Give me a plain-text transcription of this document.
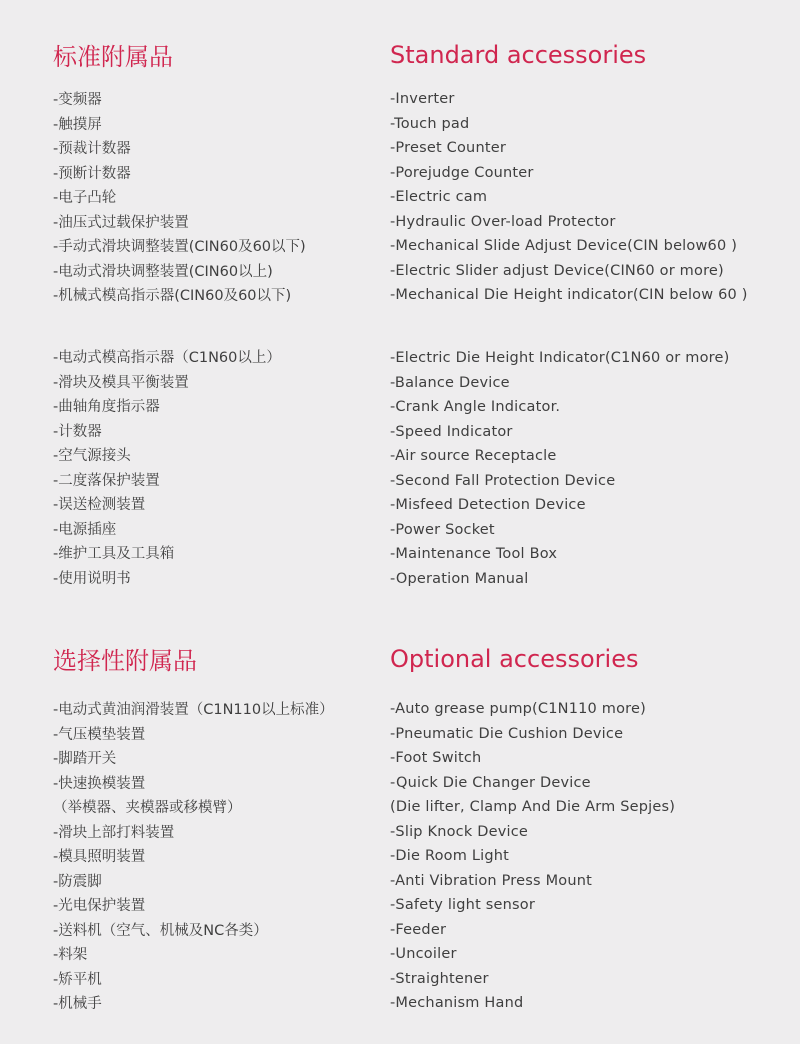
标准附属品	Standard accessories
-变频器
-触摸屏
-预裁计数器
-预断计数器
-电子凸轮
-油压式过载保护装置
-手动式滑块调整装置(CIN60及60以下)
-电动式滑块调整装置(CIN60以上)
-机械式模高指示器(CIN60及60以下)
-Inverter
-Touch pad
-Preset Counter
-Porejudge Counter
-Electric cam
-Hydraulic Over-load Protector
-Mechanical Slide Adjust Device(CIN below60 )
-Electric Slider adjust Device(CIN60 or more)
-Mechanical Die Height indicator(CIN below 60 )
-电动式模高指示器（C1N60以上）
-滑块及模具平衡装置
-曲轴角度指示器
-计数器
-空气源接头
-二度落保护装置
-误送检测装置
-电源插座
-维护工具及工具箱
-使用说明书
-Electric Die Height Indicator(C1N60 or more)
-Balance Device
-Crank Angle Indicator.
-Speed Indicator
-Air source Receptacle
-Second Fall Protection Device
-Misfeed Detection Device
-Power Socket
-Maintenance Tool Box
-Operation Manual
选择性附属品	Optional accessories
-电动式黄油润滑装置（C1N110以上标准）
-气压模垫装置
-脚踏开关
-快速换模装置
（举模器、夹模器或移模臂）
-滑块上部打料装置
-模具照明装置
-防震脚
-光电保护装置
-送料机（空气、机械及NC各类）
-料架
-矫平机
-机械手
-Auto grease pump(C1N110 more)
-Pneumatic Die Cushion Device
-Foot Switch
-Quick Die Changer Device
(Die lifter, Clamp And Die Arm Sepjes)
-Slip Knock Device
-Die Room Light
-Anti Vibration Press Mount
-Safety light sensor
-Feeder
-Uncoiler
-Straightener
-Mechanism Hand
